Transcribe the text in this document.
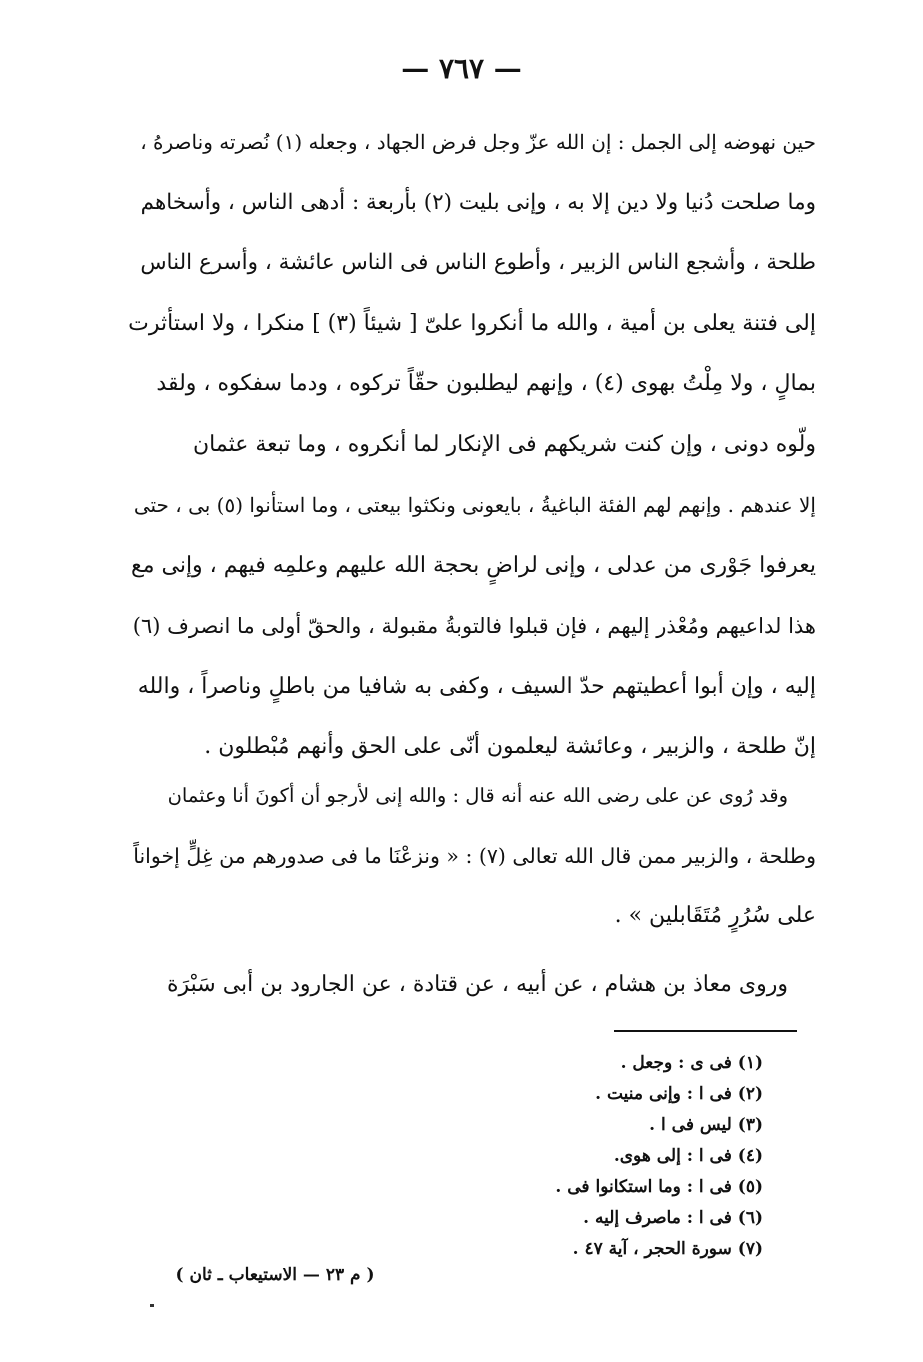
— ٧٦٧ —
حين نهوضه إلى الجمل : إن الله عزّ وجل فرض الجهاد ، وجعله (١) نُصرته وناصرهُ ،
وما صلحت دُنيا ولا دين إلا به ، وإنى بليت (٢) بأربعة : أدهى الناس ، وأسخاهم
طلحة ، وأشجع الناس الزبير ، وأطوع الناس فى الناس عائشة ، وأسرع الناس
إلى فتنة يعلى بن أمية ، والله ما أنكروا علىّ [ شيئاً (٣) ] منكرا ، ولا استأثرت
بمالٍ ، ولا مِلْتُ بهوى (٤) ، وإنهم ليطلبون حقّاً تركوه ، ودما سفكوه ، ولقد
ولّوه دونى ، وإن كنت شريكهم فى الإنكار لما أنكروه ، وما تبعة عثمان
إلا عندهم . وإنهم لهم الفئة الباغيةُ ، بايعونى ونكثوا بيعتى ، وما استأنوا (٥) بى ، حتى
يعرفوا جَوْرى من عدلى ، وإنى لراضٍ بحجة الله عليهم وعلمِه فيهم ، وإنى مع
هذا لداعيهم ومُعْذر إليهم ، فإن قبلوا فالتوبةُ مقبولة ، والحقّ أولى ما انصرف (٦)
إليه ، وإن أبوا أعطيتهم حدّ السيف ، وكفى به شافيا من باطلٍ وناصراً ، والله
إنّ طلحة ، والزبير ، وعائشة ليعلمون أنّى على الحق وأنهم مُبْطلون .
وقد رُوى عن على رضى الله عنه أنه قال : والله إنى لأرجو أن أكونَ أنا وعثمان
وطلحة ، والزبير ممن قال الله تعالى (٧) : « ونزعْنَا ما فى صدورهم من غِلٍّ إخواناً
على سُرُرٍ مُتَقَابلين » .
وروى معاذ بن هشام ، عن أبيه ، عن قتادة ، عن الجارود بن أبى سَبْرَة
(١) فى ى : وجعل .
(٢) فى ا : وإنى منيت .
(٣) ليس فى ا .
(٤) فى ا : إلى هوى.
(٥) فى ا : وما استكانوا فى .
(٦) فى ا : ماصرف إليه .
(٧) سورة الحجر ، آية ٤٧ .
( م ٢٣ — الاستيعاب ـ ثان )
